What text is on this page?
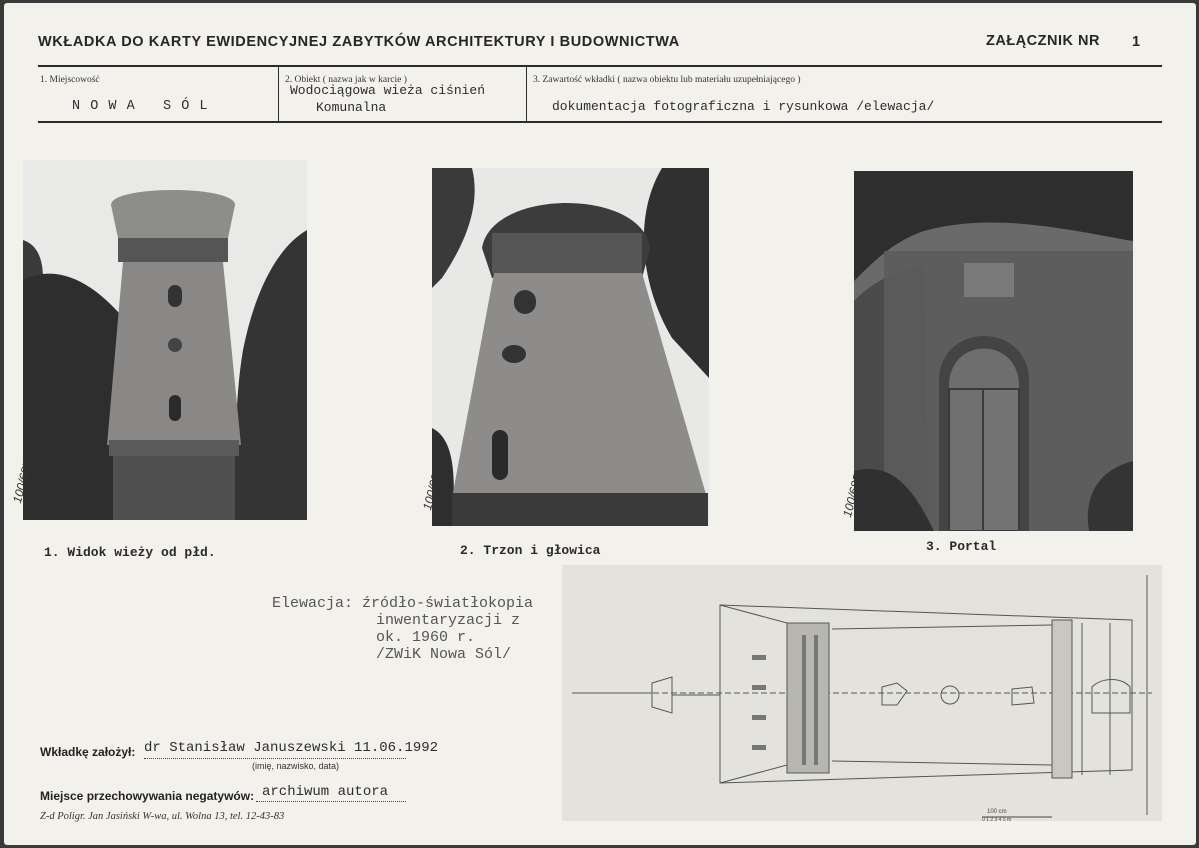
WKŁADKA DO KARTY EWIDENCYJNEJ ZABYTKÓW ARCHITEKTURY I BUDOWNICTWA	ZAŁĄCZNIK NR 1
1. Miejscowość
N O W A   S Ó L
2. Obiekt ( nazwa jak w karcie )
Wodociągowa wieża ciśnień
Komunalna
3. Zawartość wkładki ( nazwa obiektu lub materiału uzupełniającego )
dokumentacja fotograficzna i rysunkowa /elewacja/
100/687
1. Widok wieży od płd.
100/686
2. Trzon i głowica
100/685
3. Portal
Elewacja: źródło-światłokopia
inwentaryzacji z
ok. 1960 r.
/ZWiK Nowa Sól/
100 cm
0 1 2 3 4 5 m
Wkładkę założył: dr Stanisław Januszewski 11.06.1992
(imię, nazwisko, data)
Miejsce przechowywania negatywów: archiwum autora
Z-d Poligr. Jan Jasiński W-wa, ul. Wolna 13, tel. 12-43-83
